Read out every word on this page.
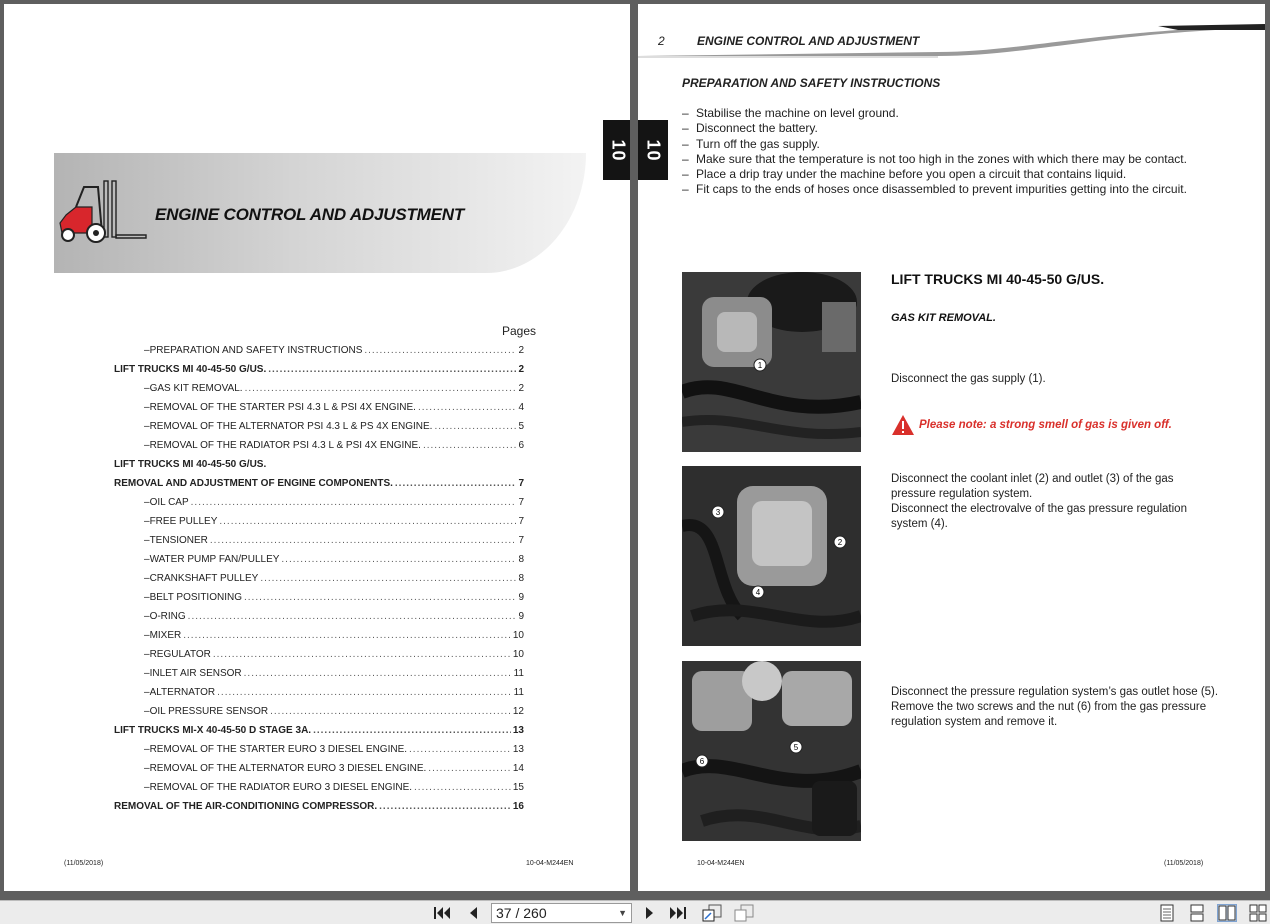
10
ENGINE CONTROL AND ADJUSTMENT
Pages
– PREPARATION AND SAFETY INSTRUCTIONS .....	2
LIFT TRUCKS MI 40-45-50 G/US. .....	2
– GAS KIT REMOVAL. .....	2
– REMOVAL OF THE STARTER PSI 4.3 L & PSI 4X ENGINE. .....	4
– REMOVAL OF THE ALTERNATOR PSI 4.3 L & PS 4X ENGINE. .....	5
– REMOVAL OF THE RADIATOR PSI 4.3 L & PSI 4X ENGINE. .....	6
LIFT TRUCKS MI 40-45-50 G/US.
REMOVAL AND ADJUSTMENT OF ENGINE COMPONENTS. .....	7
– OIL CAP .....	7
– FREE PULLEY .....	7
– TENSIONER .....	7
– WATER PUMP FAN/PULLEY .....	8
– CRANKSHAFT PULLEY .....	8
– BELT POSITIONING .....	9
– O-RING .....	9
– MIXER .....	10
– REGULATOR .....	10
– INLET AIR SENSOR .....	11
– ALTERNATOR .....	11
– OIL PRESSURE SENSOR .....	12
LIFT TRUCKS MI-X 40-45-50 D STAGE 3A. .....	13
– REMOVAL OF THE STARTER EURO 3 DIESEL ENGINE. .....	13
– REMOVAL OF THE ALTERNATOR EURO 3 DIESEL ENGINE. .....	14
– REMOVAL OF THE RADIATOR EURO 3 DIESEL ENGINE. .....	15
REMOVAL OF THE AIR-CONDITIONING COMPRESSOR. .....	16
(11/05/2018)	10-04-M244EN
10
2	ENGINE CONTROL AND ADJUSTMENT
PREPARATION AND SAFETY INSTRUCTIONS
– Stabilise the machine on level ground.
– Disconnect the battery.
– Turn off the gas supply.
– Make sure that the temperature is not too high in the zones with which there may be contact.
– Place a drip tray under the machine before you open a circuit that contains liquid.
– Fit caps to the ends of hoses once disassembled to prevent impurities getting into the circuit.
1
3
2
4
6
5
LIFT TRUCKS MI 40-45-50 G/US.
GAS KIT REMOVAL.
Disconnect the gas supply (1).
Please note: a strong smell of gas is given off.
Disconnect the coolant inlet (2) and outlet (3) of the gas pressure regulation system.
Disconnect the electrovalve of the gas pressure regulation system (4).
Disconnect the pressure regulation system’s gas outlet hose (5).
Remove the two screws and the nut (6) from the gas pressure regulation system and remove it.
10-04-M244EN	(11/05/2018)
37 / 260	▼
